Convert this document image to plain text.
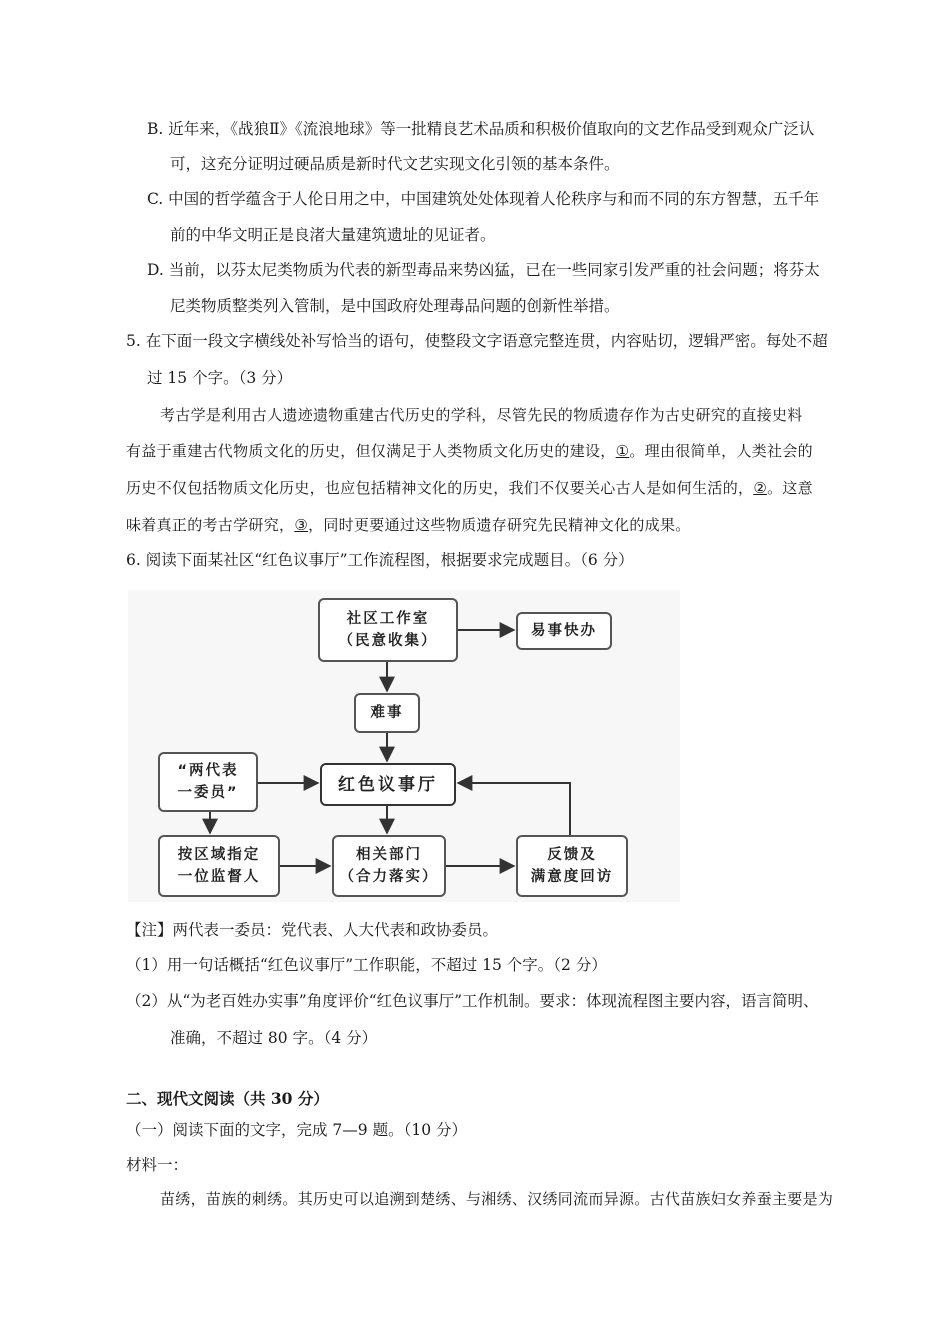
B. 近年来，《战狼Ⅱ》《流浪地球》等一批精良艺术品质和积极价值取向的文艺作品受到观众广泛认
可，这充分证明过硬品质是新时代文艺实现文化引领的基本条件。
C. 中国的哲学蕴含于人伦日用之中，中国建筑处处体现着人伦秩序与和而不同的东方智慧，五千年
前的中华文明正是良渚大量建筑遗址的见证者。
D. 当前，以芬太尼类物质为代表的新型毒品来势凶猛，已在一些同家引发严重的社会问题；将芬太
尼类物质整类列入管制，是中国政府处理毒品问题的创新性举措。
5. 在下面一段文字横线处补写恰当的语句，使整段文字语意完整连贯，内容贴切，逻辑严密。每处不超
过 15 个字。（3 分）
考古学是利用古人遗迹遗物重建古代历史的学科，尽管先民的物质遗存作为古史研究的直接史料
有益于重建古代物质文化的历史，但仅满足于人类物质文化历史的建设，①。理由很简单，人类社会的
历史不仅包括物质文化历史，也应包括精神文化的历史，我们不仅要关心古人是如何生活的，②。这意
味着真正的考古学研究，③，同时更要通过这些物质遗存研究先民精神文化的成果。
6. 阅读下面某社区“红色议事厅”工作流程图，根据要求完成题目。（6 分）
社区工作室
（民意收集）
易事快办
难事
“两代表
一委员”	红色议事厅
按区域指定
一位监督人
相关部门
（合力落实）
反馈及
满意度回访
【注】两代表一委员：党代表、人大代表和政协委员。
（1）用一句话概括“红色议事厅”工作职能，不超过 15 个字。（2 分）
（2）从“为老百姓办实事”角度评价“红色议事厅”工作机制。要求：体现流程图主要内容，语言简明、
准确，不超过 80 字。（4 分）
二、现代文阅读（共 30 分）
（一）阅读下面的文字，完成 7—9 题。（10 分）
材料一：
苗绣，苗族的刺绣。其历史可以追溯到楚绣、与湘绣、汉绣同流而异源。古代苗族妇女养蚕主要是为
